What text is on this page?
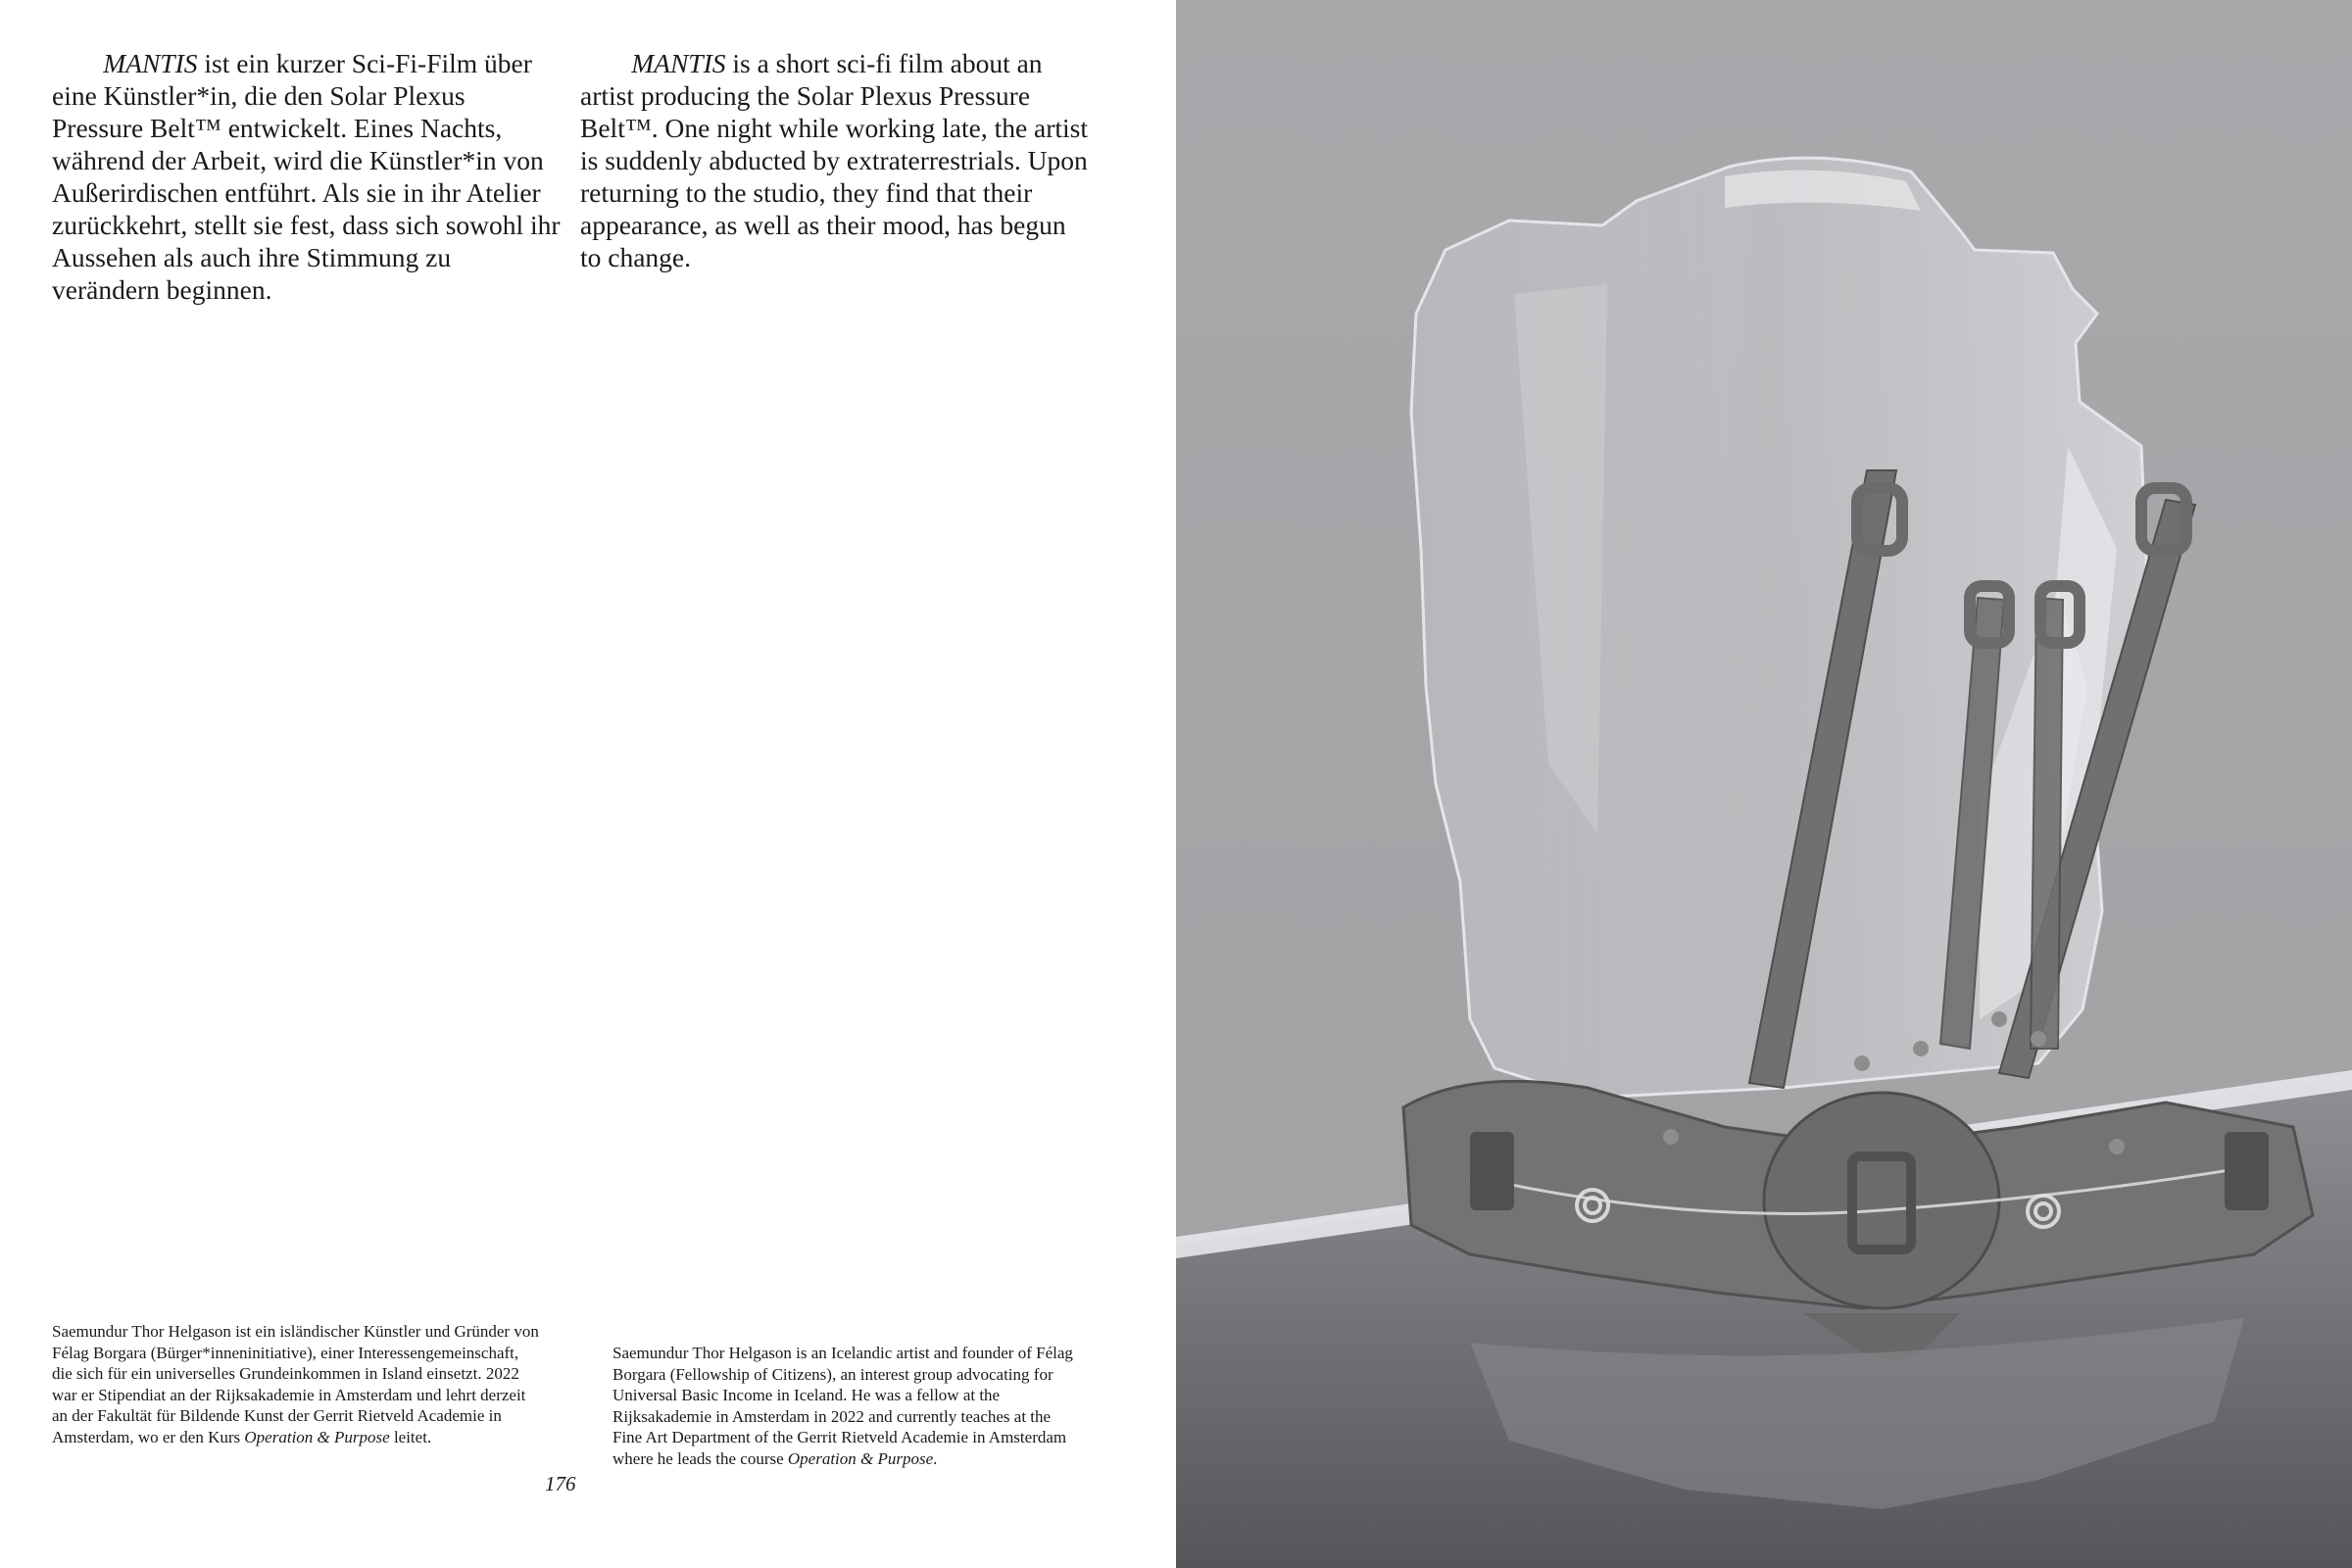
MANTIS ist ein kurzer Sci-Fi-Film über eine Künstler*in, die den Solar Plexus Pressure Belt™ entwickelt. Eines Nachts, während der Arbeit, wird die Künstler*in von Außerirdischen entführt. Als sie in ihr Atelier zurückkehrt, stellt sie fest, dass sich sowohl ihr Aussehen als auch ihre Stimmung zu verändern beginnen.

MANTIS is a short sci-fi film about an artist producing the Solar Plexus Pressure Belt™. One night while working late, the artist is suddenly abducted by extraterrestrials. Upon returning to the studio, they find that their appearance, as well as their mood, has begun to change.

Saemundur Thor Helgason ist ein isländischer Künstler und Gründer von Félag Borgara (Bürger*inneninitiative), einer Interessengemeinschaft, die sich für ein universelles Grundeinkommen in Island einsetzt. 2022 war er Stipendiat an der Rijksakademie in Amsterdam und lehrt derzeit an der Fakultät für Bildende Kunst der Gerrit Rietveld Academie in Amsterdam, wo er den Kurs Operation & Purpose leitet.
176
Saemundur Thor Helgason is an Icelandic artist and founder of Félag Borgara (Fellowship of Citizens), an interest group advocating for Universal Basic Income in Iceland. He was a fellow at the Rijksakademie in Amsterdam in 2022 and currently teaches at the Fine Art Department of the Gerrit Rietveld Academie in Amsterdam where he leads the course Operation & Purpose.
